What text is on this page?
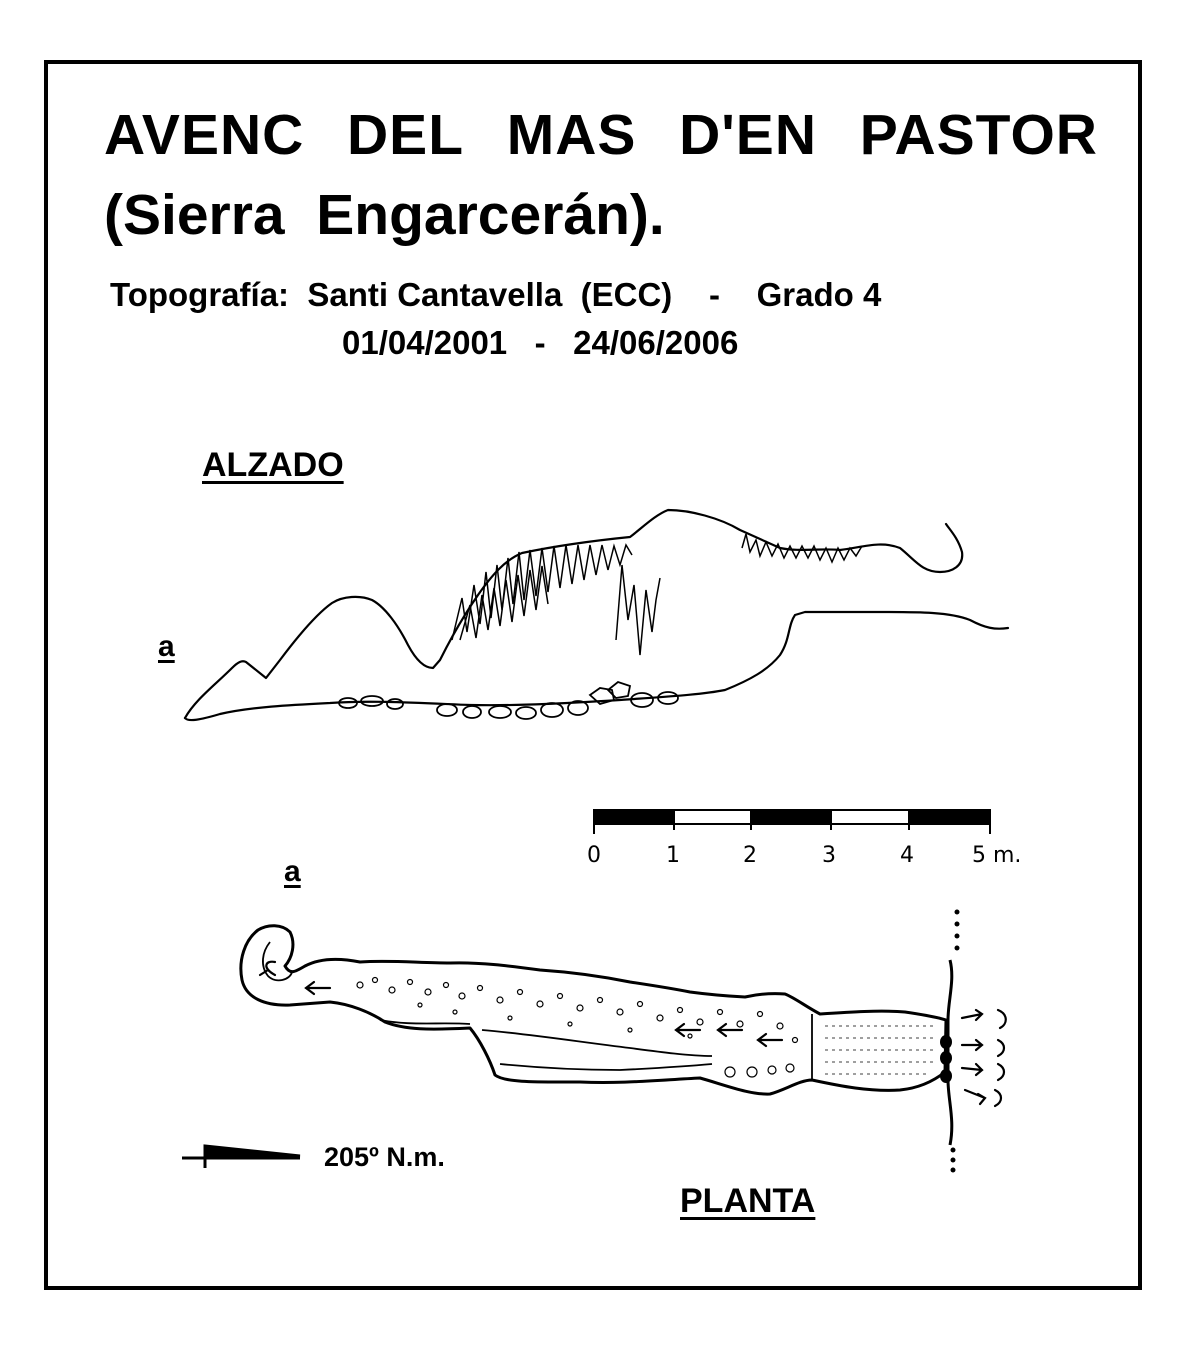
AVENC DEL MAS D'EN PASTOR
(Sierra  Engarcerán).
Topografía:  Santi Cantavella  (ECC)    -    Grado 4
01/04/2001   -   24/06/2006
ALZADO
a
a
PLANTA
205º N.m.
0	1	2	3	4	5 m.
